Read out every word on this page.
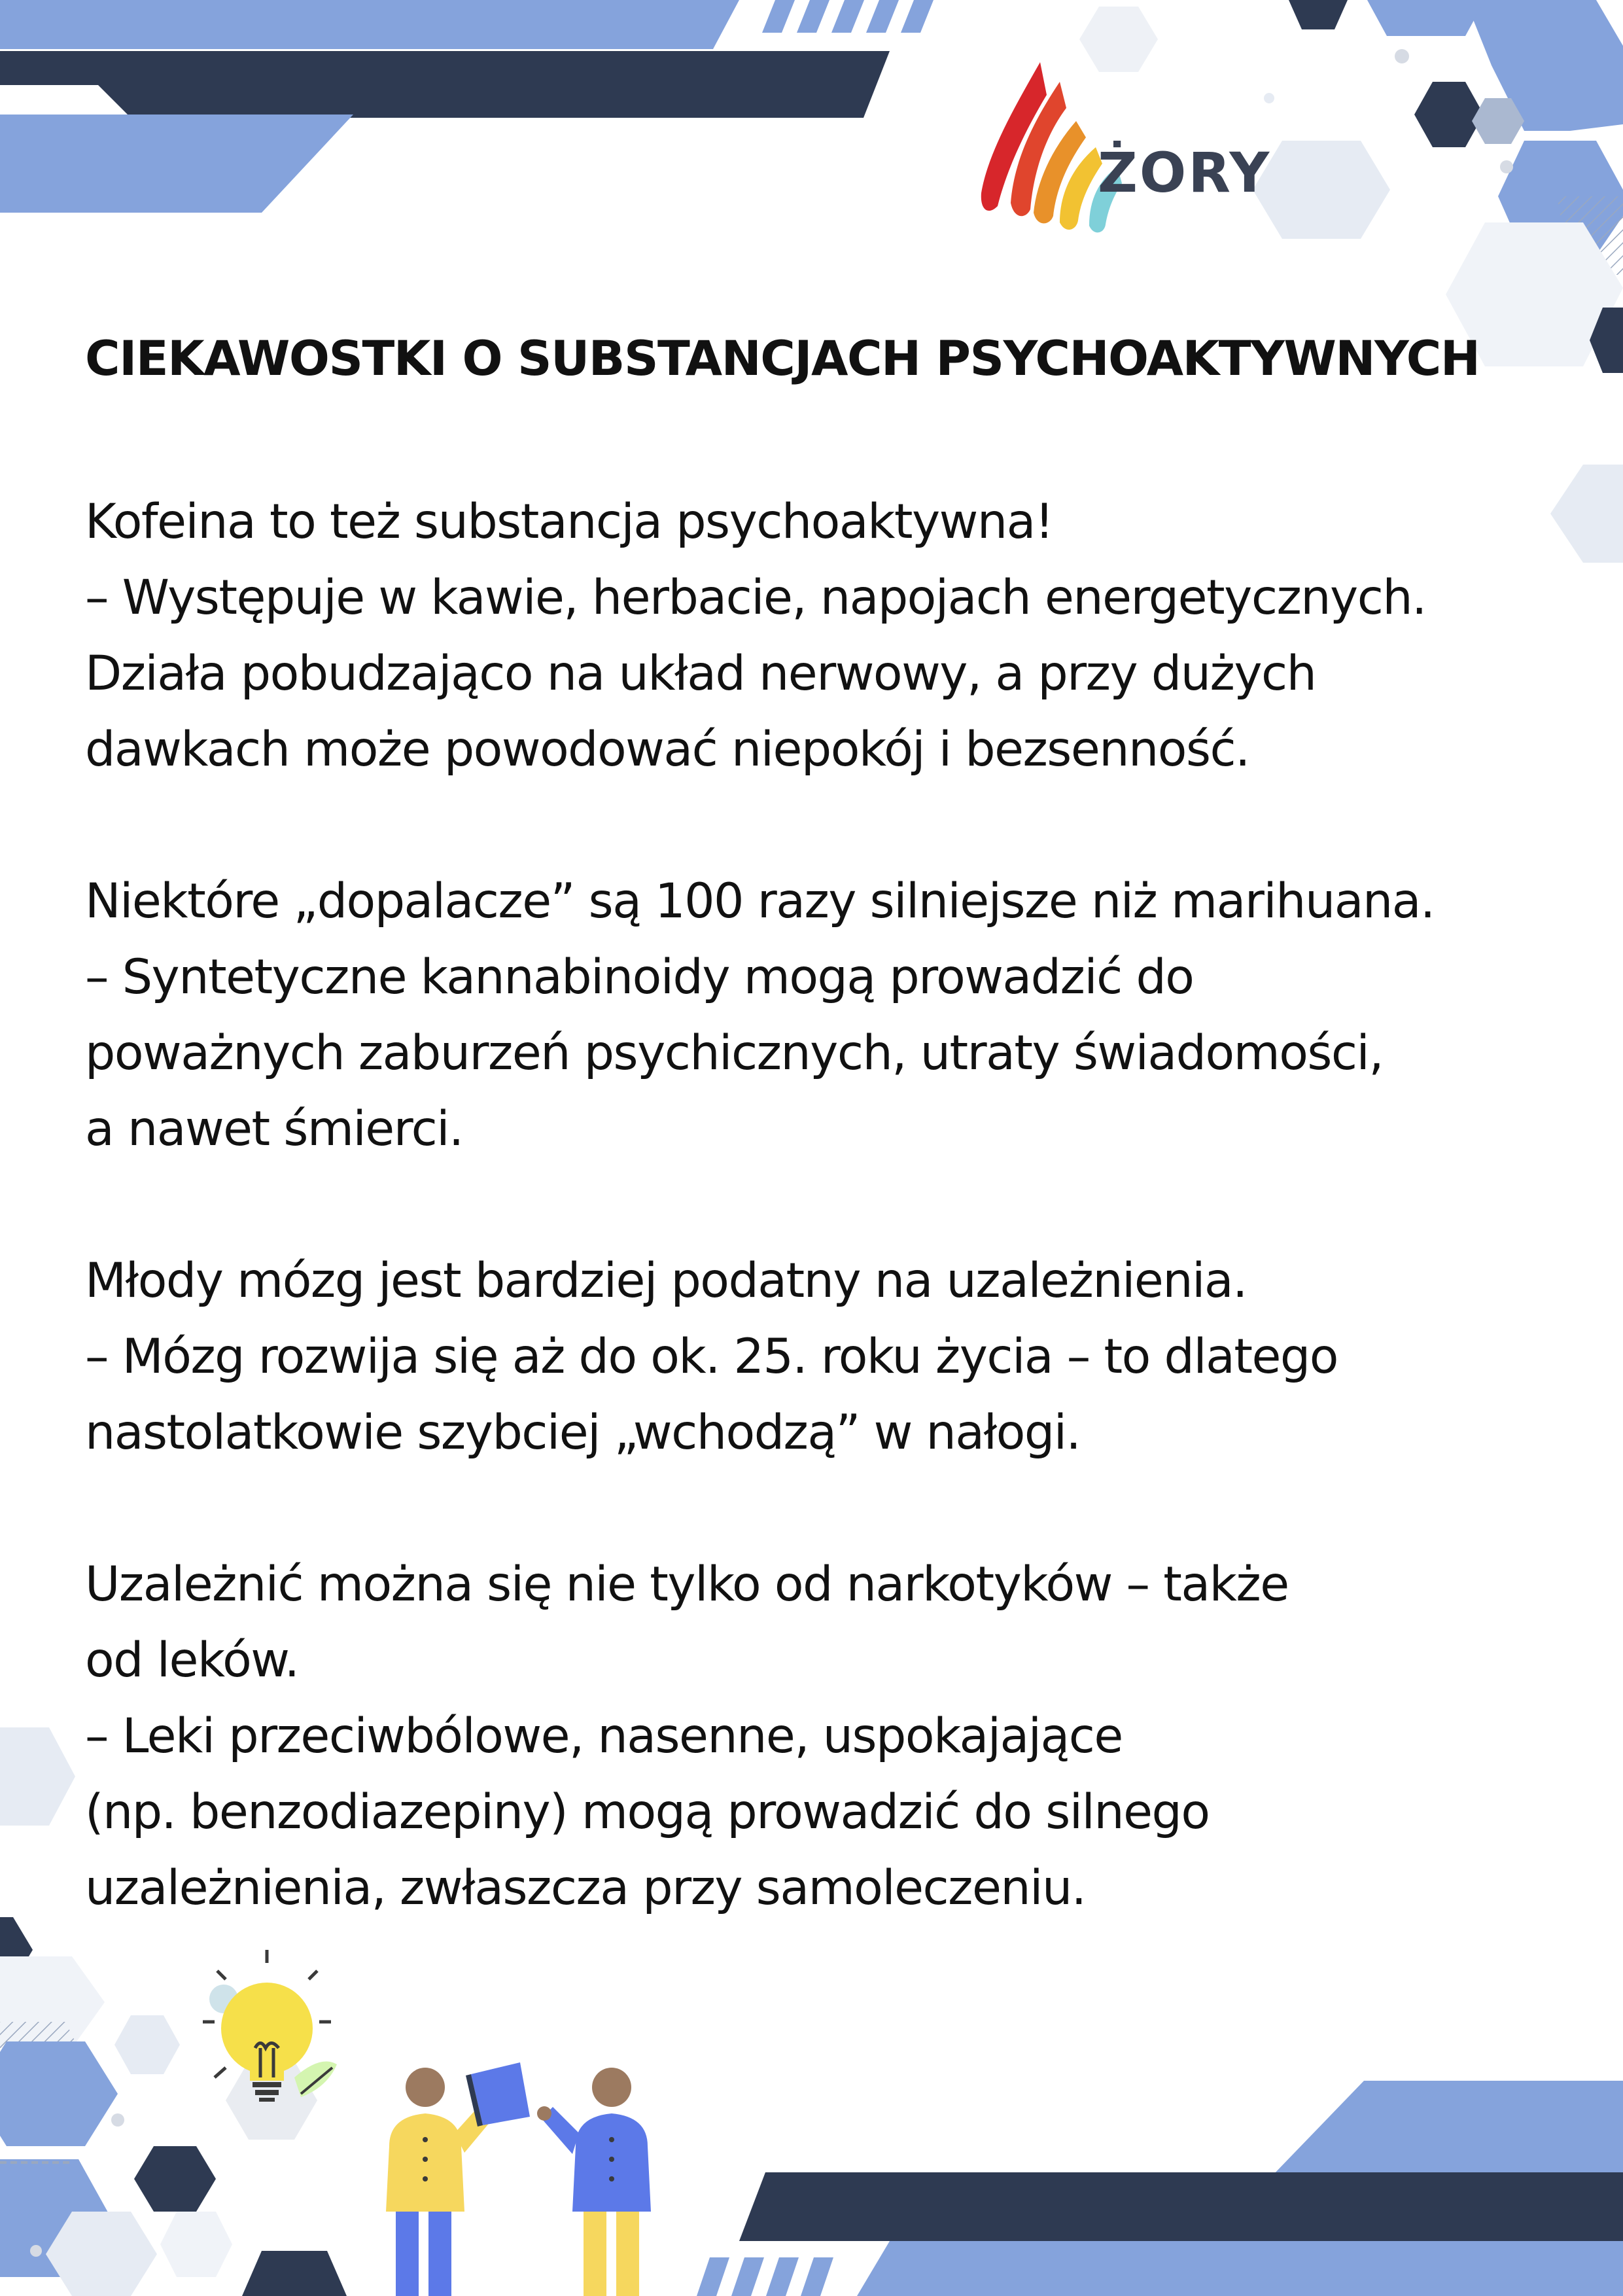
ŻORY
CIEKAWOSTKI O SUBSTANCJACH PSYCHOAKTYWNYCH

Kofeina to też substancja psychoaktywna!
– Występuje w kawie, herbacie, napojach energetycznych.
Działa pobudzająco na układ nerwowy, a przy dużych
dawkach może powodować niepokój i bezsenność.

Niektóre „dopalacze” są 100 razy silniejsze niż marihuana.
– Syntetyczne kannabinoidy mogą prowadzić do
poważnych zaburzeń psychicznych, utraty świadomości,
a nawet śmierci.

Młody mózg jest bardziej podatny na uzależnienia.
– Mózg rozwija się aż do ok. 25. roku życia – to dlatego
nastolatkowie szybciej „wchodzą” w nałogi.

Uzależnić można się nie tylko od narkotyków – także
od leków.
– Leki przeciwbólowe, nasenne, uspokajające
(np. benzodiazepiny) mogą prowadzić do silnego
uzależnienia, zwłaszcza przy samoleczeniu.
